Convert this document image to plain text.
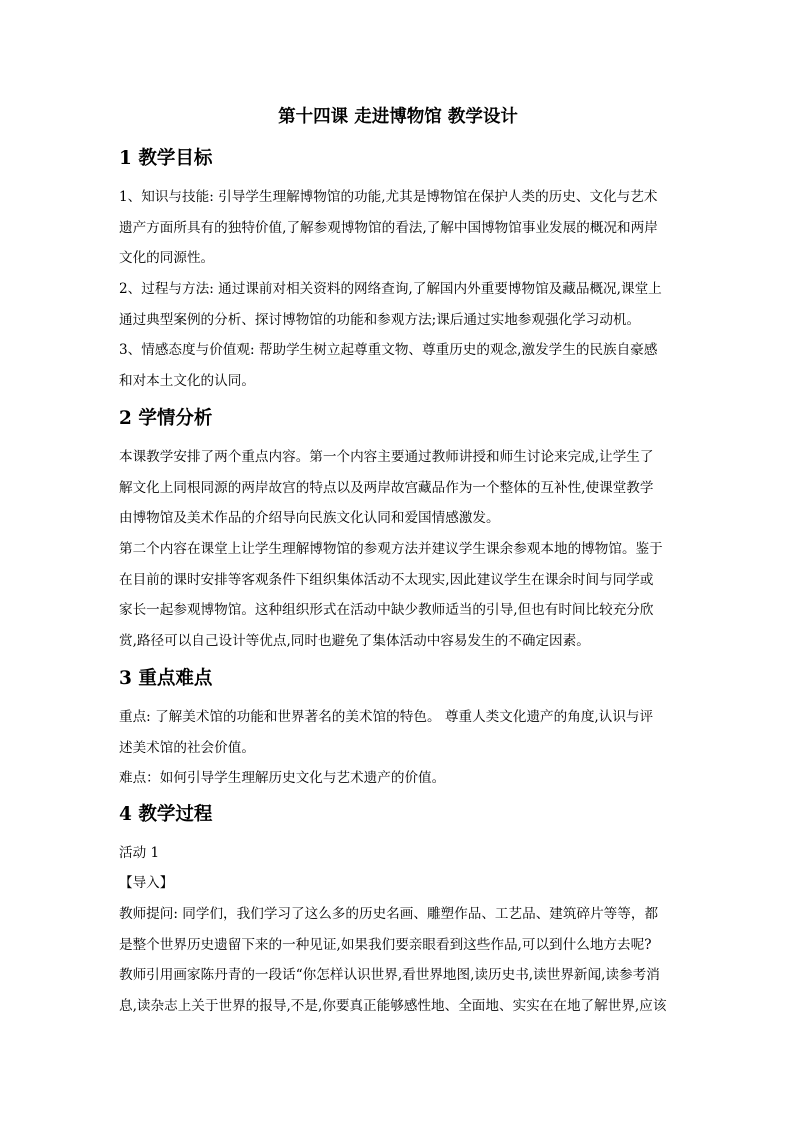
第十四课 走进博物馆 教学设计
1 教学目标
1、知识与技能: 引导学生理解博物馆的功能,尤其是博物馆在保护人类的历史、文化与艺术
遗产方面所具有的独特价值,了解参观博物馆的看法,了解中国博物馆事业发展的概况和两岸
文化的同源性。
2、过程与方法: 通过课前对相关资料的网络查询,了解国内外重要博物馆及藏品概况,课堂上
通过典型案例的分析、探讨博物馆的功能和参观方法;课后通过实地参观强化学习动机。
3、情感态度与价值观: 帮助学生树立起尊重文物、尊重历史的观念,激发学生的民族自豪感
和对本土文化的认同。
2 学情分析
本课教学安排了两个重点内容。第一个内容主要通过教师讲授和师生讨论来完成,让学生了
解文化上同根同源的两岸故宫的特点以及两岸故宫藏品作为一个整体的互补性,使课堂教学
由博物馆及美术作品的介绍导向民族文化认同和爱国情感激发。
第二个内容在课堂上让学生理解博物馆的参观方法并建议学生课余参观本地的博物馆。鉴于
在目前的课时安排等客观条件下组织集体活动不太现实,因此建议学生在课余时间与同学或
家长一起参观博物馆。这种组织形式在活动中缺少教师适当的引导,但也有时间比较充分欣
赏,路径可以自己设计等优点,同时也避免了集体活动中容易发生的不确定因素。
3 重点难点
重点: 了解美术馆的功能和世界著名的美术馆的特色。 尊重人类文化遗产的角度,认识与评
述美术馆的社会价值。
难点：如何引导学生理解历史文化与艺术遗产的价值。
4 教学过程
活动 1
【导入】
教师提问: 同学们，我们学习了这么多的历史名画、雕塑作品、工艺品、建筑碎片等等，都
是整个世界历史遗留下来的一种见证,如果我们要亲眼看到这些作品,可以到什么地方去呢?
教师引用画家陈丹青的一段话“你怎样认识世界,看世界地图,读历史书,读世界新闻,读参考消
息,读杂志上关于世界的报导,不是,你要真正能够感性地、全面地、实实在在地了解世界,应该
